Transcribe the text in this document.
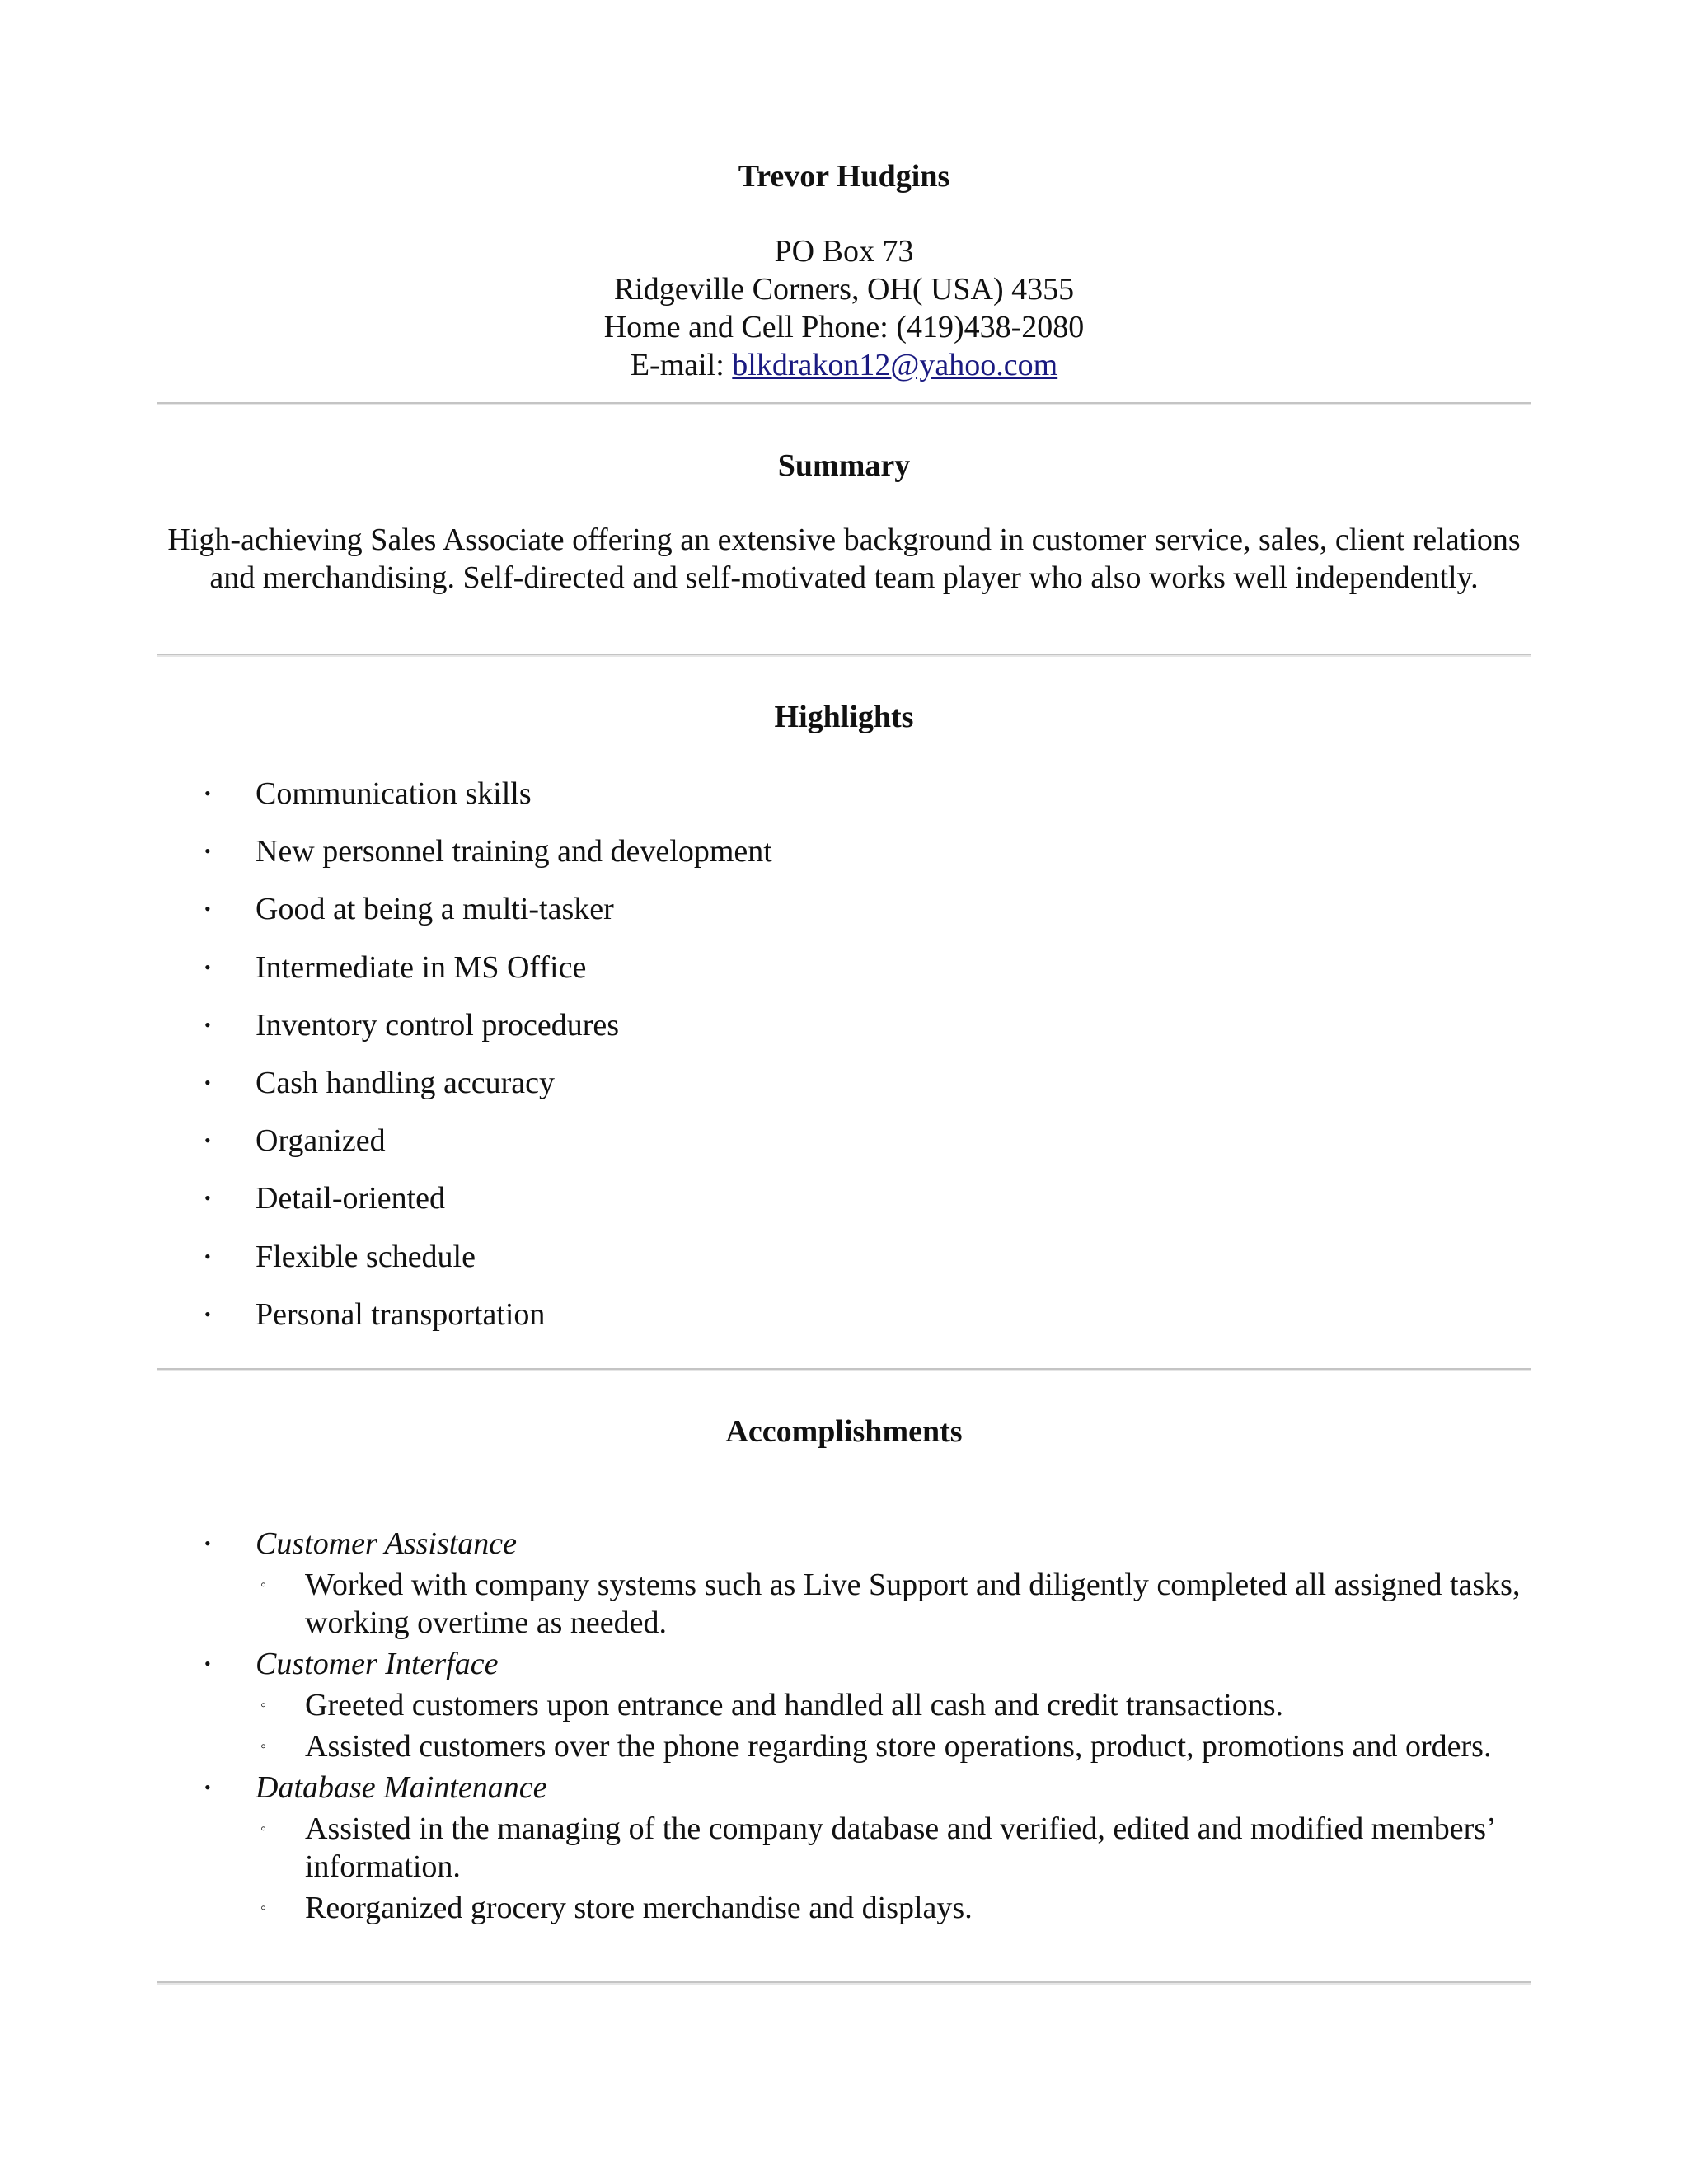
Trevor Hudgins
PO Box 73
Ridgeville Corners, OH( USA) 4355
Home and Cell Phone: (419)438-2080
E-mail: blkdrakon12@yahoo.com
Summary
High-achieving Sales Associate offering an extensive background in customer service, sales, client relations and merchandising. Self-directed and self-motivated team player who also works well independently.
Highlights
• Communication skills
• New personnel training and development
• Good at being a multi-tasker
• Intermediate in MS Office
• Inventory control procedures
• Cash handling accuracy
• Organized
• Detail-oriented
• Flexible schedule
• Personal transportation
Accomplishments
•	Customer Assistance
◦ Worked with company systems such as Live Support and diligently completed all assigned tasks, working overtime as needed.
•	Customer Interface
◦ Greeted customers upon entrance and handled all cash and credit transactions.
◦ Assisted customers over the phone regarding store operations, product, promotions and orders.
•	Database Maintenance
◦ Assisted in the managing of the company database and verified, edited and modified members’ information.
◦ Reorganized grocery store merchandise and displays.
